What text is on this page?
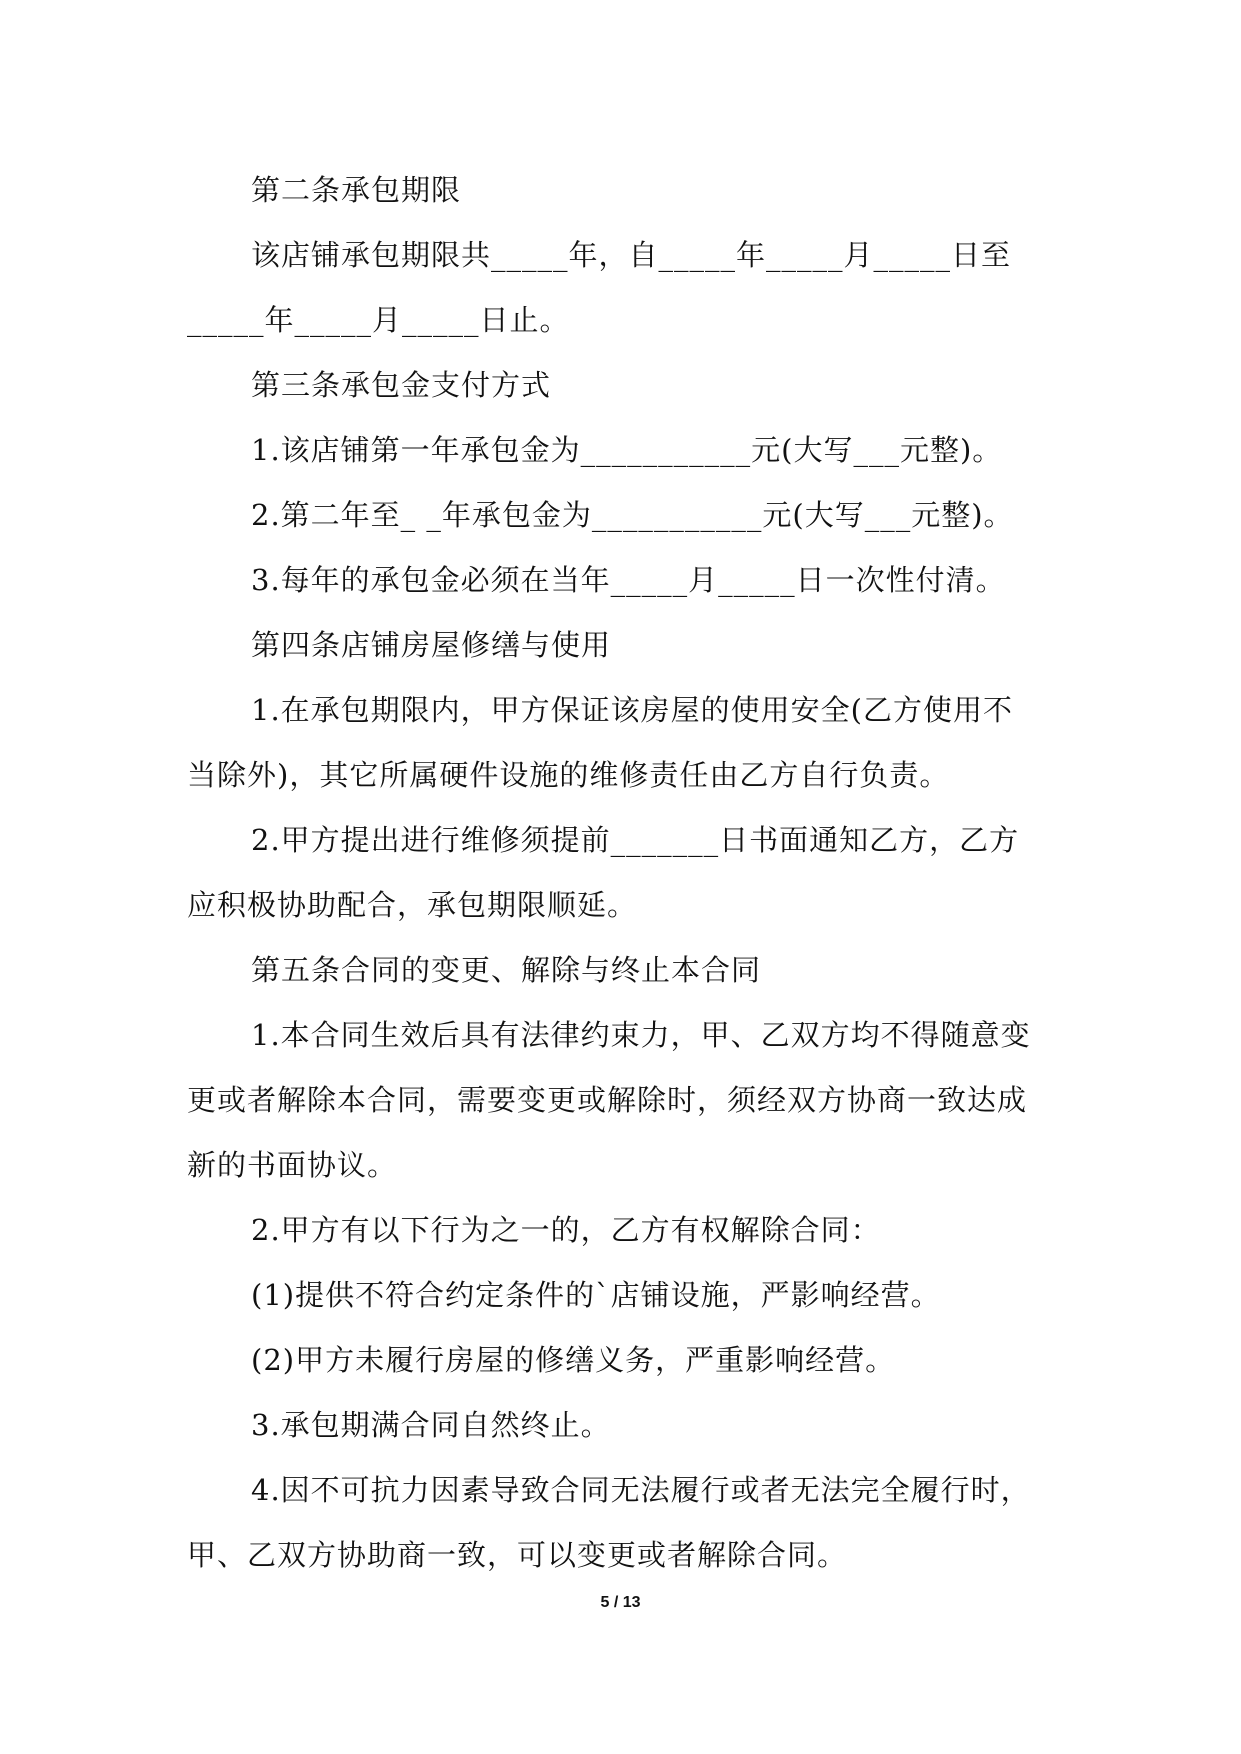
第二条承包期限
该店铺承包期限共_____年，自_____年_____月_____日至
_____年_____月_____日止。
第三条承包金支付方式
1.该店铺第一年承包金为___________元(大写___元整)。
2.第二年至_ _年承包金为___________元(大写___元整)。
3.每年的承包金必须在当年_____月_____日一次性付清。
第四条店铺房屋修缮与使用
1.在承包期限内，甲方保证该房屋的使用安全(乙方使用不
当除外)，其它所属硬件设施的维修责任由乙方自行负责。
2.甲方提出进行维修须提前_______日书面通知乙方，乙方
应积极协助配合，承包期限顺延。
第五条合同的变更、解除与终止本合同
1.本合同生效后具有法律约束力，甲、乙双方均不得随意变
更或者解除本合同，需要变更或解除时，须经双方协商一致达成
新的书面协议。
2.甲方有以下行为之一的，乙方有权解除合同：
(1)提供不符合约定条件的`店铺设施，严影响经营。
(2)甲方未履行房屋的修缮义务，严重影响经营。
3.承包期满合同自然终止。
4.因不可抗力因素导致合同无法履行或者无法完全履行时，
甲、乙双方协助商一致，可以变更或者解除合同。
5 / 13
